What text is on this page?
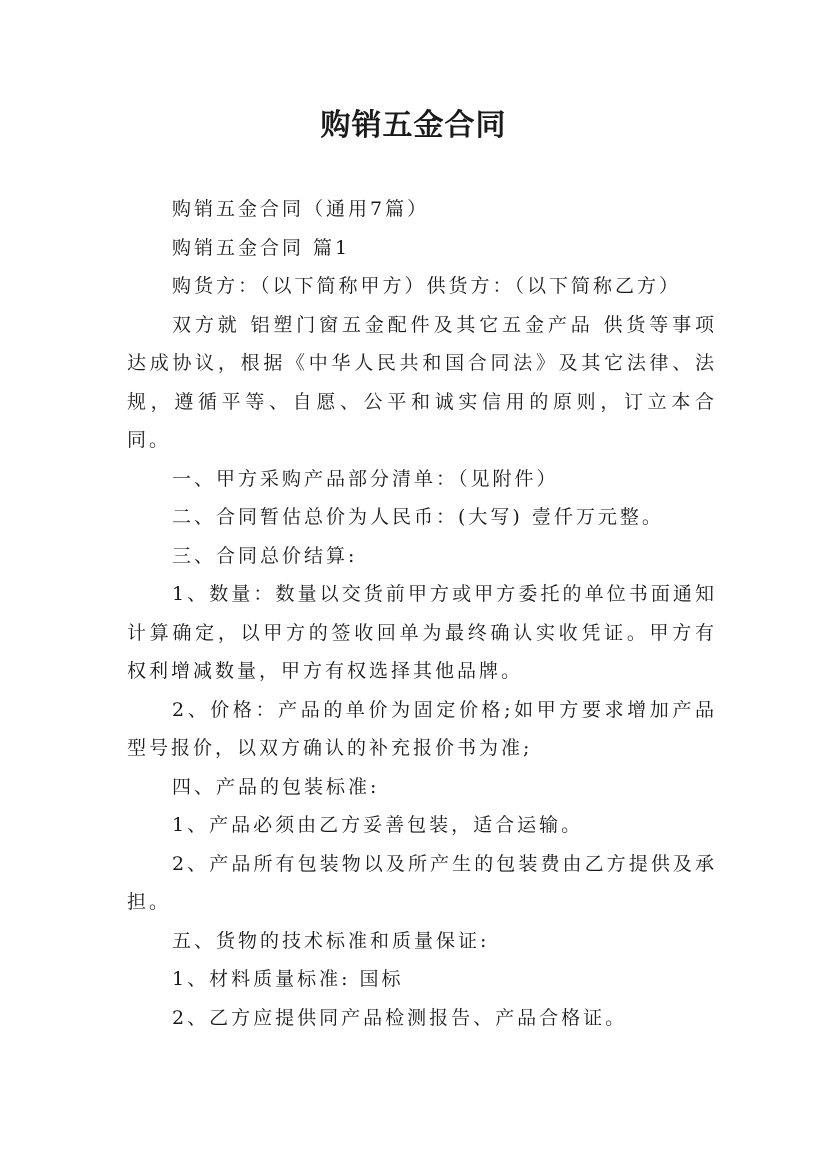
购销五金合同

购销五金合同（通用7篇）

购销五金合同 篇1

购货方：（以下简称甲方）供货方：（以下简称乙方）

双方就 铝塑门窗五金配件及其它五金产品 供货等事项达成协议，根据《中华人民共和国合同法》及其它法律、法规，遵循平等、自愿、公平和诚实信用的原则，订立本合同。

一、甲方采购产品部分清单：（见附件）

二、合同暂估总价为人民币：(大写) 壹仟万元整。

三、合同总价结算:

1、数量：数量以交货前甲方或甲方委托的单位书面通知计算确定，以甲方的签收回单为最终确认实收凭证。甲方有权利增减数量，甲方有权选择其他品牌。

2、价格：产品的单价为固定价格;如甲方要求增加产品型号报价，以双方确认的补充报价书为准;

四、产品的包装标准:

1、产品必须由乙方妥善包装，适合运输。

2、产品所有包装物以及所产生的包装费由乙方提供及承担。

五、货物的技术标准和质量保证:

1、材料质量标准: 国标

2、乙方应提供同产品检测报告、产品合格证。
